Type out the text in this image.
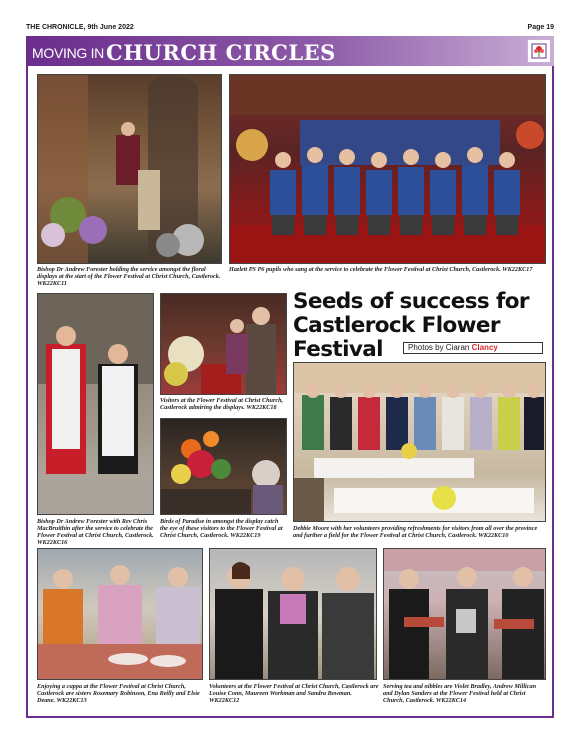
THE CHRONICLE, 9th June 2022	Page 19
MOVING IN CHURCH CIRCLES
Bishop Dr Andrew Forester holding the service amongst the floral displays at the start of the Flower Festival at Christ Church, Castlerock. WK22KC11
Hazlett PS P6 pupils who sang at the service to celebrate the Flower Festival at Christ Church, Castlerock. WK22KC17
Bishop Dr Andrew Forester with Rev Chris MacBruithin after the service to celebrate the Flower Festival at Christ Church, Castlerock. WK22KC16
Visitors at the Flower Festival at Christ Church, Castlerock admiring the displays. WK22KC18
Birds of Paradise in amongst the display catch the eye of these visitors to the Flower Festival at Christ Church, Castlerock. WK22KC19
Seeds of success for Castlerock Flower Festival	Photos by Ciaran Clancy
Debbie Moore with her volunteers providing refreshments for visitors from all over the province and further a field for the Flower Festival at Christ Church, Castlerock. WK22KC10
Enjoying a cuppa at the Flower Festival at Christ Church, Castlerock are sisters Rosemary Robinson, Ena Reilly and Elsie Deane. WK22KC13
Volunteers at the Flower Festival at Christ Church, Castlerock are Louise Conn, Maureen Workman and Sandra Bowman. WK22KC12
Serving tea and nibbles are Violet Bradley, Andrew Millican and Dylan Sanders at the Flower Festival held at Christ Church, Castlerock. WK22KC14
